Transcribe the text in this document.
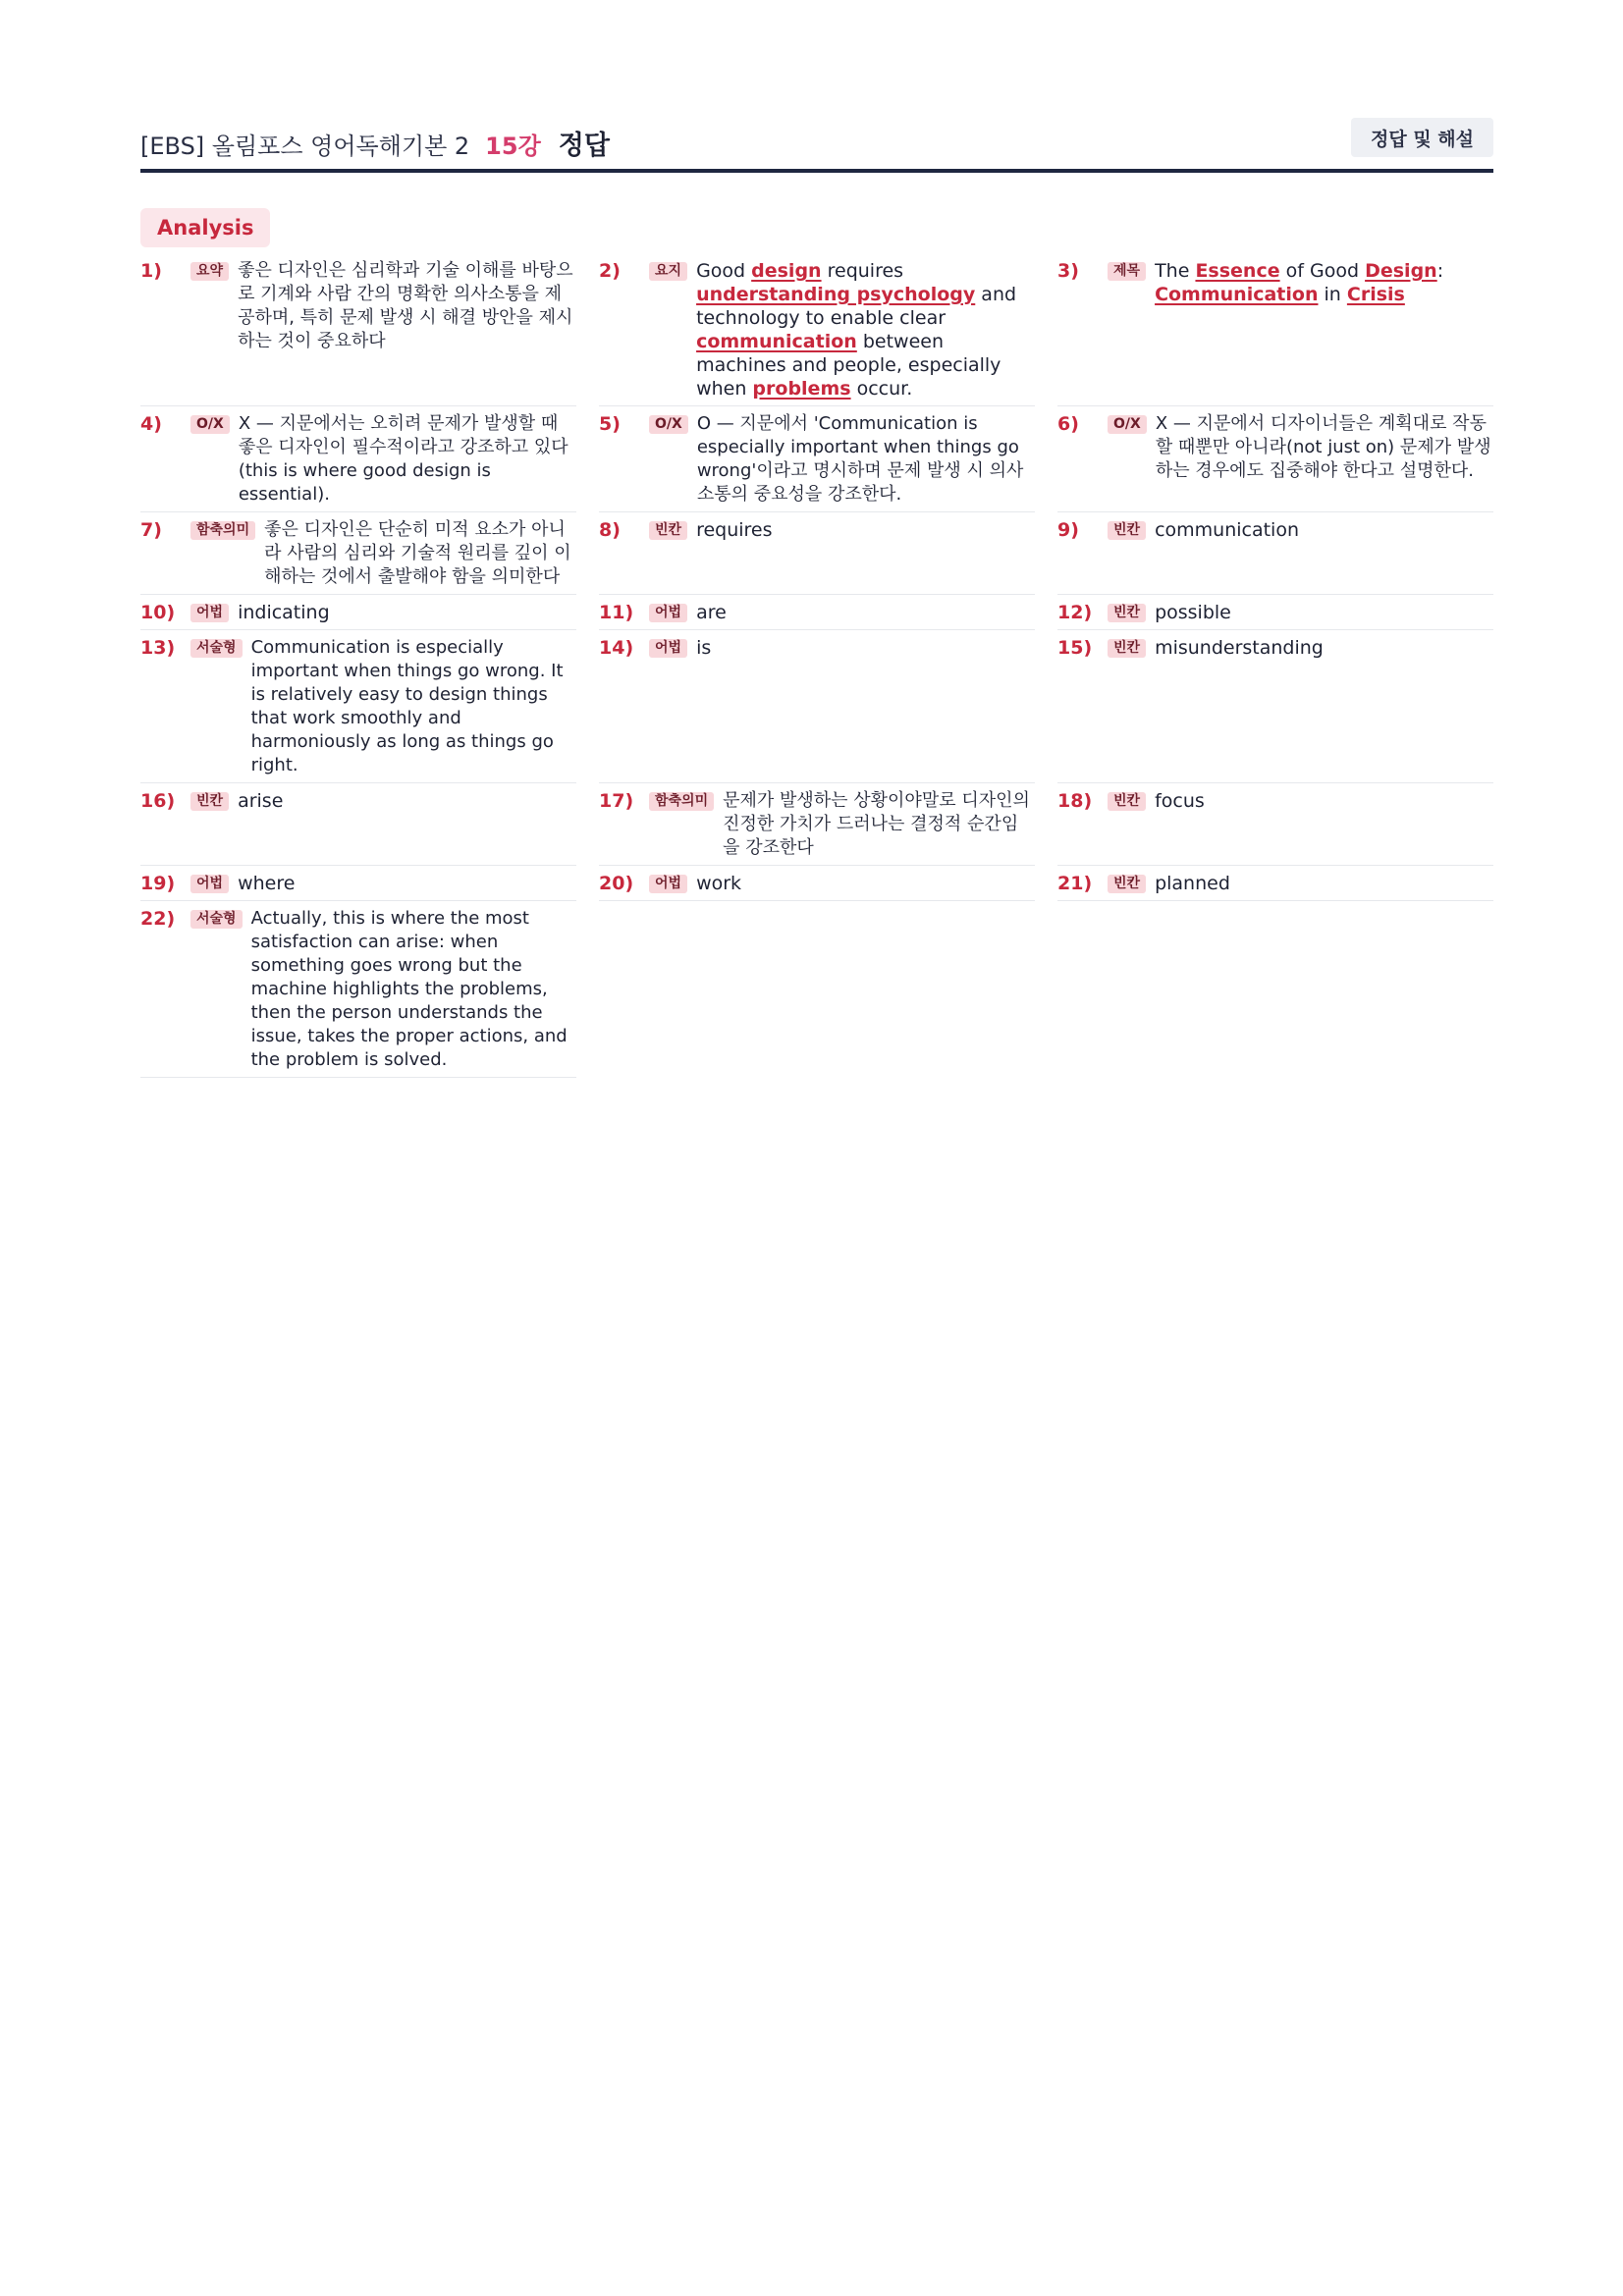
[EBS] 올림포스 영어독해기본 2 15강 정답	정답 및 해설
Analysis
1)	요약 좋은 디자인은 심리학과 기술 이해를 바탕으로 기계와 사람 간의 명확한 의사소통을 제공하며, 특히 문제 발생 시 해결 방안을 제시하는 것이 중요하다
2)	요지 Good design requires understanding psychology and technology to enable clear communication between machines and people, especially when problems occur.
3)	제목 The Essence of Good Design: Communication in Crisis
4)	O/X X — 지문에서는 오히려 문제가 발생할 때 좋은 디자인이 필수적이라고 강조하고 있다 (this is where good design is essential).
5)	O/X O — 지문에서 'Communication is especially important when things go wrong'이라고 명시하며 문제 발생 시 의사소통의 중요성을 강조한다.
6)	O/X X — 지문에서 디자이너들은 계획대로 작동할 때뿐만 아니라(not just on) 문제가 발생하는 경우에도 집중해야 한다고 설명한다.
7)	함축의미 좋은 디자인은 단순히 미적 요소가 아니라 사람의 심리와 기술적 원리를 깊이 이해하는 것에서 출발해야 함을 의미한다
8)	빈칸 requires	9)	빈칸 communication
10)	어법 indicating	11)	어법 are	12)	빈칸 possible
13)	서술형 Communication is especially important when things go wrong. It is relatively easy to design things that work smoothly and harmoniously as long as things go right.
14)	어법 is	15)	빈칸 misunderstanding
16)	빈칸 arise	17)	함축의미 문제가 발생하는 상황이야말로 디자인의 진정한 가치가 드러나는 결정적 순간임을 강조한다
18)	빈칸 focus
19)	어법 where	20)	어법 work	21)	빈칸 planned
22)	서술형 Actually, this is where the most satisfaction can arise: when something goes wrong but the machine highlights the problems, then the person understands the issue, takes the proper actions, and the problem is solved.
